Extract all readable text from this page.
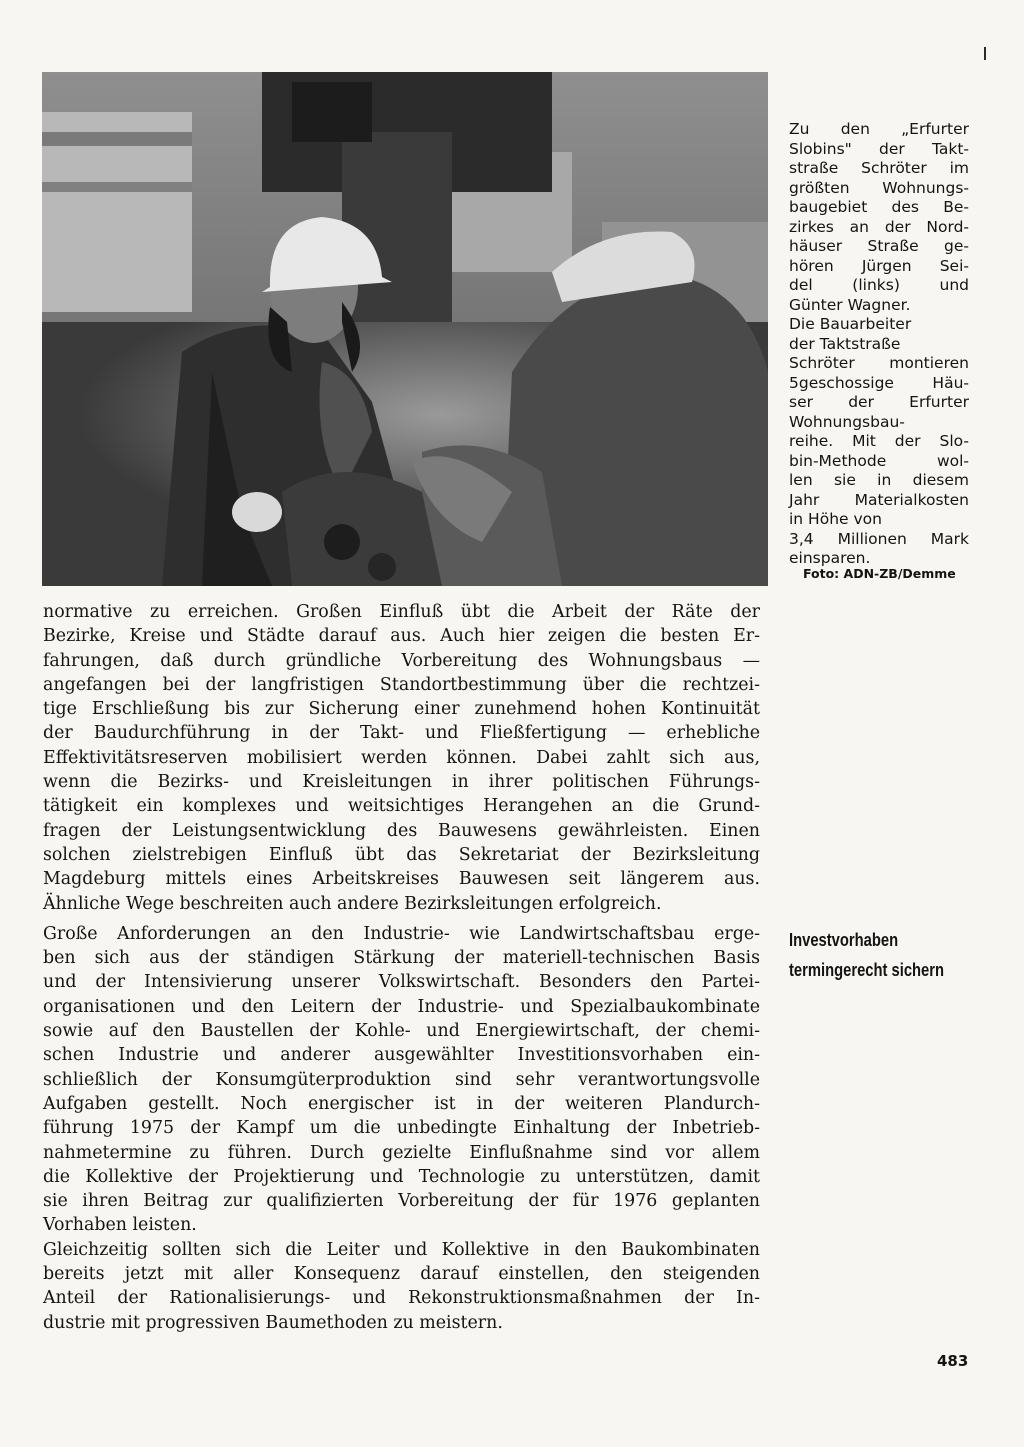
Zu den „Erfurter
Slobins" der Takt-
straße Schröter im
größten Wohnungs-
baugebiet des Be-
zirkes an der Nord-
häuser Straße ge-
hören Jürgen Sei-
del (links) und
Günter Wagner.
Die Bauarbeiter
der Taktstraße
Schröter montieren
5geschossige Häu-
ser der Erfurter
Wohnungsbau-
reihe. Mit der Slo-
bin-Methode wol-
len sie in diesem
Jahr Materialkosten
in Höhe von
3,4 Millionen Mark
einsparen.
Foto: ADN-ZB/Demme
normative zu erreichen. Großen Einfluß übt die Arbeit der Räte der
Bezirke, Kreise und Städte darauf aus. Auch hier zeigen die besten Er-
fahrungen, daß durch gründliche Vorbereitung des Wohnungsbaus —
angefangen bei der langfristigen Standortbestimmung über die rechtzei-
tige Erschließung bis zur Sicherung einer zunehmend hohen Kontinuität
der Baudurchführung in der Takt- und Fließfertigung — erhebliche
Effektivitätsreserven mobilisiert werden können. Dabei zahlt sich aus,
wenn die Bezirks- und Kreisleitungen in ihrer politischen Führungs-
tätigkeit ein komplexes und weitsichtiges Herangehen an die Grund-
fragen der Leistungsentwicklung des Bauwesens gewährleisten. Einen
solchen zielstrebigen Einfluß übt das Sekretariat der Bezirksleitung
Magdeburg mittels eines Arbeitskreises Bauwesen seit längerem aus.
Ähnliche Wege beschreiten auch andere Bezirksleitungen erfolgreich.
Große Anforderungen an den Industrie- wie Landwirtschaftsbau erge-
ben sich aus der ständigen Stärkung der materiell-technischen Basis
und der Intensivierung unserer Volkswirtschaft. Besonders den Partei-
organisationen und den Leitern der Industrie- und Spezialbaukombinate
sowie auf den Baustellen der Kohle- und Energiewirtschaft, der chemi-
schen Industrie und anderer ausgewählter Investitionsvorhaben ein-
schließlich der Konsumgüterproduktion sind sehr verantwortungsvolle
Aufgaben gestellt. Noch energischer ist in der weiteren Plandurch-
führung 1975 der Kampf um die unbedingte Einhaltung der Inbetrieb-
nahmetermine zu führen. Durch gezielte Einflußnahme sind vor allem
die Kollektive der Projektierung und Technologie zu unterstützen, damit
sie ihren Beitrag zur qualifizierten Vorbereitung der für 1976 geplanten
Vorhaben leisten.
Gleichzeitig sollten sich die Leiter und Kollektive in den Baukombinaten
bereits jetzt mit aller Konsequenz darauf einstellen, den steigenden
Anteil der Rationalisierungs- und Rekonstruktionsmaßnahmen der In-
dustrie mit progressiven Baumethoden zu meistern.
Investvorhaben
termingerecht sichern
483
